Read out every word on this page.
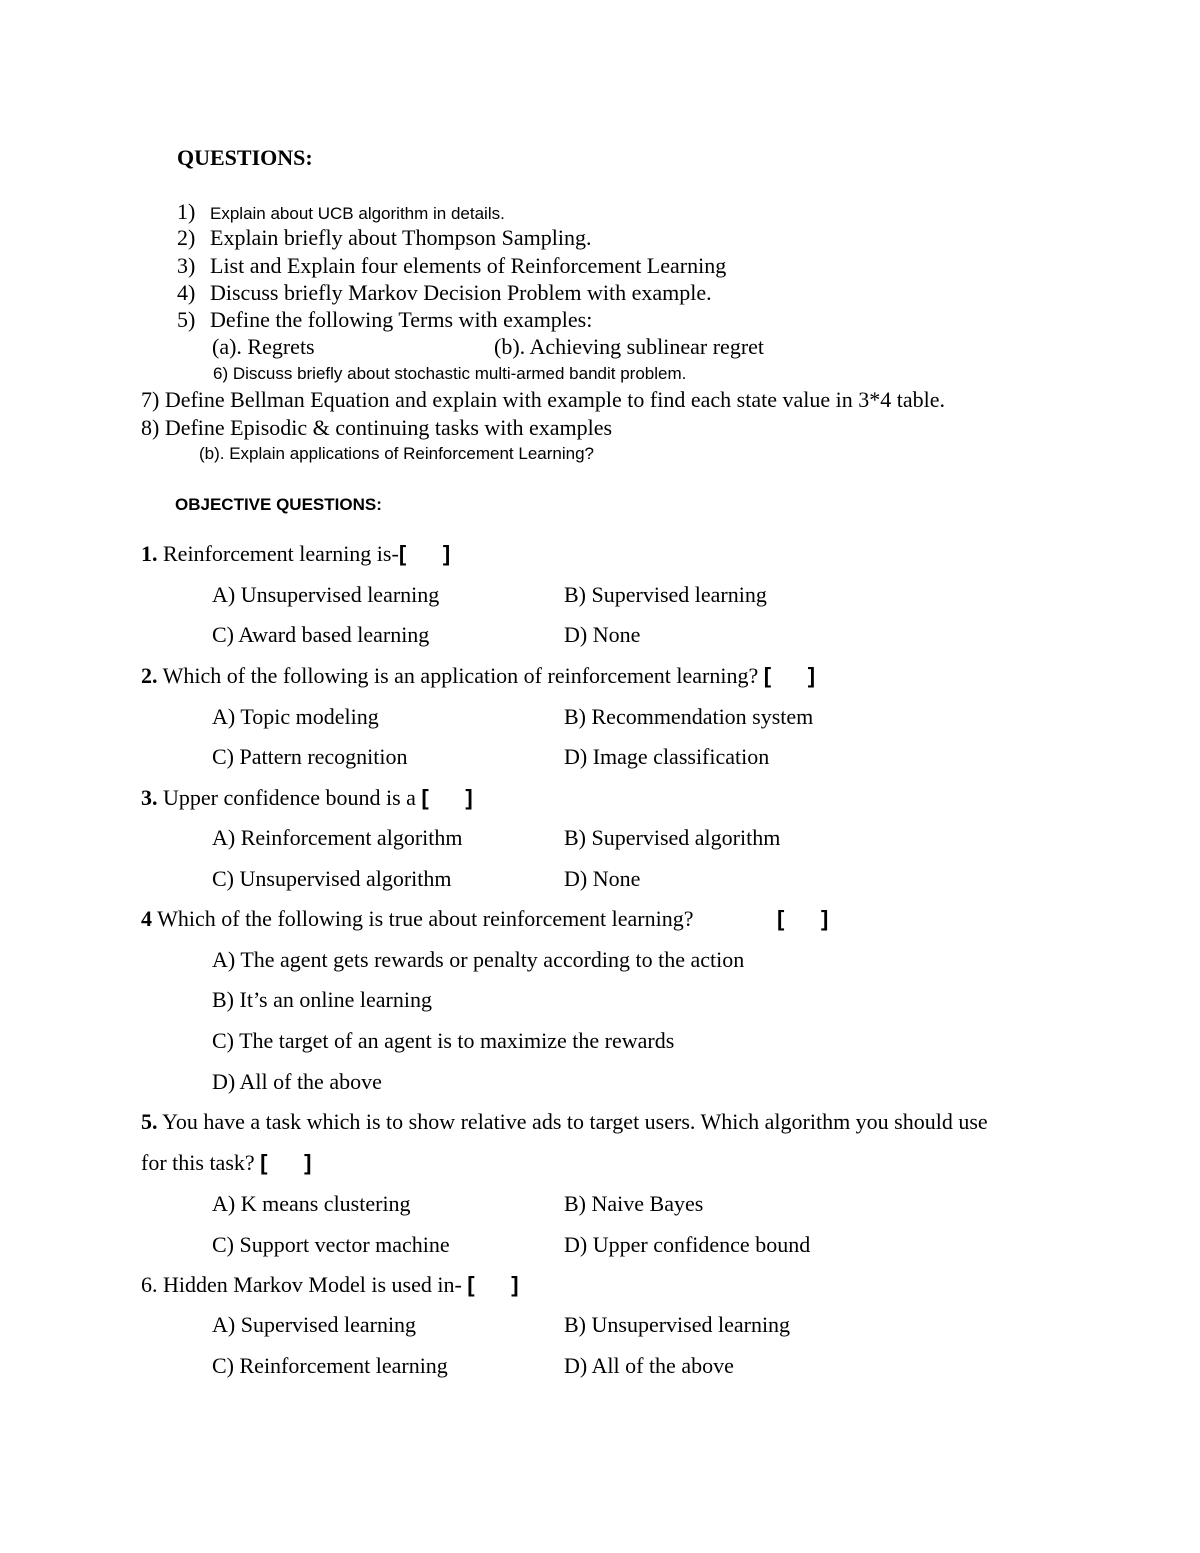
QUESTIONS:
1) Explain about UCB algorithm in details.
2) Explain briefly about Thompson Sampling.
3) List and Explain four elements of Reinforcement Learning
4) Discuss briefly Markov Decision Problem with example.
5) Define the following Terms with examples:
(a). Regrets	(b). Achieving sublinear regret
6) Discuss briefly about stochastic multi-armed bandit problem.
7) Define Bellman Equation and explain with example to find each state value in 3*4 table.
8) Define Episodic & continuing tasks with examples
(b). Explain applications of Reinforcement Learning?
OBJECTIVE QUESTIONS:
1. Reinforcement learning is-[      ]
A) Unsupervised learning	B) Supervised learning
C) Award based learning	D) None
2. Which of the following is an application of reinforcement learning? [      ]
A) Topic modeling	B) Recommendation system
C) Pattern recognition	D) Image classification
3. Upper confidence bound is a [      ]
A) Reinforcement algorithm	B) Supervised algorithm
C) Unsupervised algorithm	D) None
4 Which of the following is true about reinforcement learning?	[      ]
A) The agent gets rewards or penalty according to the action
B) It’s an online learning
C) The target of an agent is to maximize the rewards
D) All of the above
5. You have a task which is to show relative ads to target users. Which algorithm you should use
for this task? [      ]
A) K means clustering	B) Naive Bayes
C) Support vector machine	D) Upper confidence bound
6. Hidden Markov Model is used in- [      ]
A) Supervised learning	B) Unsupervised learning
C) Reinforcement learning	D) All of the above
